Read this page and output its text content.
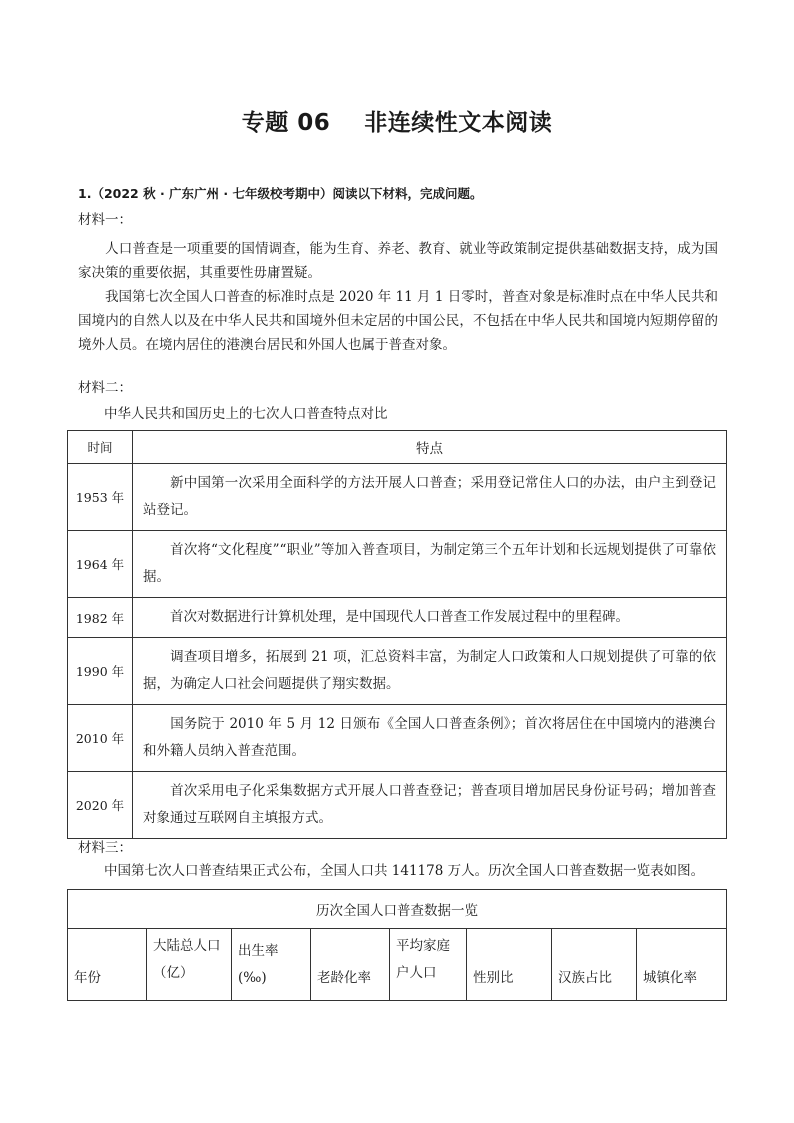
专题 06 非连续性文本阅读
1.（2022 秋 · 广东广州 · 七年级校考期中）阅读以下材料，完成问题。
材料一：
人口普查是一项重要的国情调查，能为生育、养老、教育、就业等政策制定提供基础数据支持，成为国家决策的重要依据，其重要性毋庸置疑。
我国第七次全国人口普查的标准时点是 2020 年 11 月 1 日零时，普查对象是标准时点在中华人民共和国境内的自然人以及在中华人民共和国境外但未定居的中国公民，不包括在中华人民共和国境内短期停留的境外人员。在境内居住的港澳台居民和外国人也属于普查对象。
材料二：
中华人民共和国历史上的七次人口普查特点对比
时间	特点
1953 年	新中国第一次采用全面科学的方法开展人口普查；采用登记常住人口的办法，由户主到登记站登记。
1964 年	首次将“文化程度”“职业”等加入普查项目，为制定第三个五年计划和长远规划提供了可靠依据。
1982 年	首次对数据进行计算机处理，是中国现代人口普查工作发展过程中的里程碑。
1990 年	调查项目增多，拓展到 21 项，汇总资料丰富，为制定人口政策和人口规划提供了可靠的依据，为确定人口社会问题提供了翔实数据。
2010 年	国务院于 2010 年 5 月 12 日颁布《全国人口普查条例》；首次将居住在中国境内的港澳台和外籍人员纳入普查范围。
2020 年	首次采用电子化采集数据方式开展人口普查登记；普查项目增加居民身份证号码；增加普查对象通过互联网自主填报方式。
材料三：
中国第七次人口普查结果正式公布，全国人口共 141178 万人。历次全国人口普查数据一览表如图。
历次全国人口普查数据一览
年份	大陆总人口（亿）	出生率(‰)	老龄化率	平均家庭户人口	性别比	汉族占比	城镇化率
